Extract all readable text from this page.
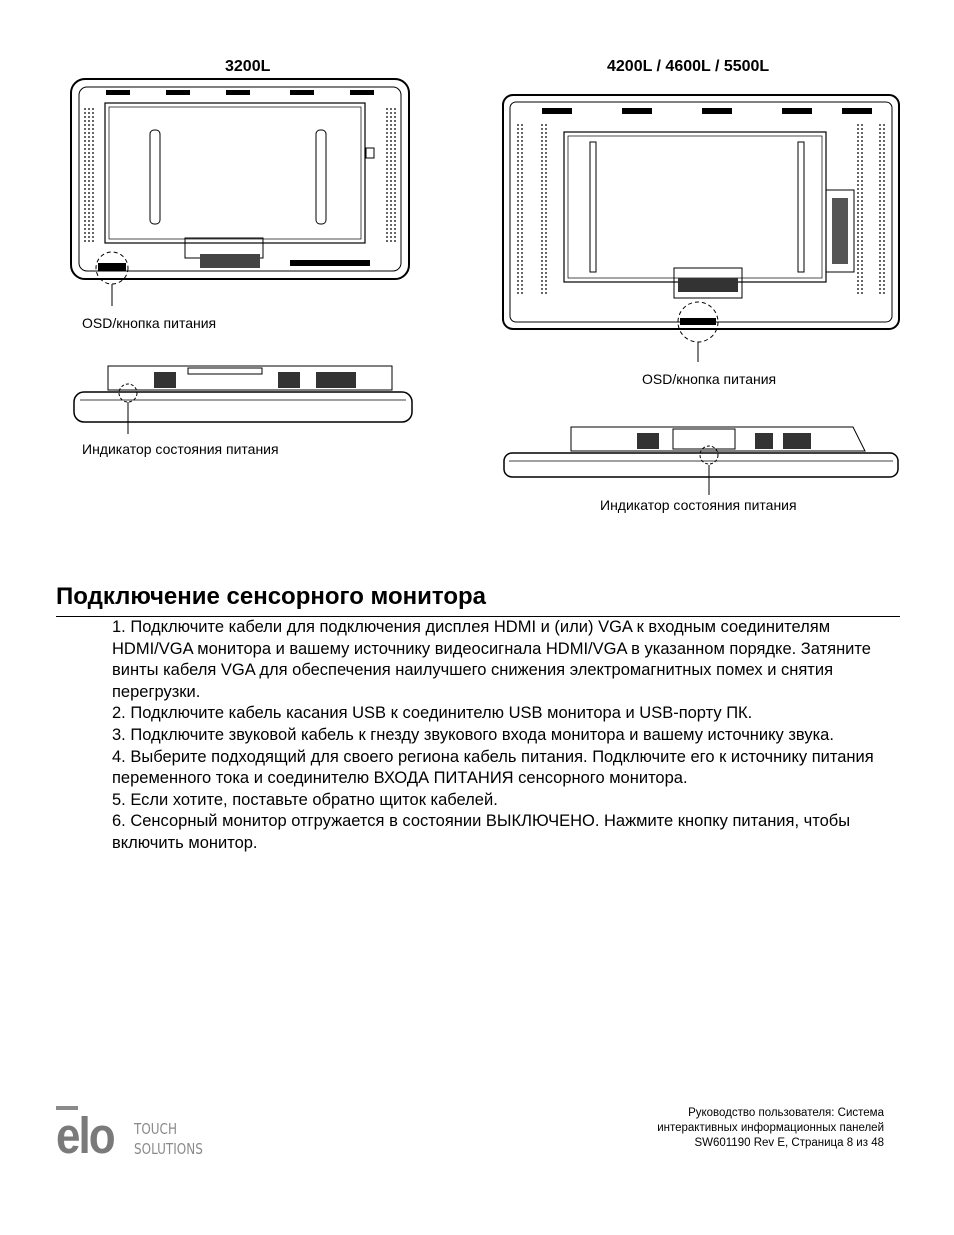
3200L
OSD/кнопка питания
Индикатор состояния питания
4200L / 4600L / 5500L
OSD/кнопка питания
Индикатор состояния питания
Подключение сенсорного монитора

1. Подключите кабели для подключения дисплея HDMI и (или) VGA к входным соединителям HDMI/VGA монитора и вашему источнику видеосигнала HDMI/VGA в указанном порядке. Затяните винты кабеля VGA для обеспечения наилучшего снижения электромагнитных помех и снятия перегрузки.

2. Подключите кабель касания USB к соединителю USB монитора и USB-порту ПК.

3. Подключите звуковой кабель к гнезду звукового входа монитора и вашему источнику звука.

4. Выберите подходящий для своего региона кабель питания. Подключите его к источнику питания переменного тока и соединителю ВХОДА ПИТАНИЯ сенсорного монитора.

5. Если хотите, поставьте обратно щиток кабелей.

6. Сенсорный монитор отгружается в состоянии ВЫКЛЮЧЕНО. Нажмите кнопку питания, чтобы включить монитор.

elo TOUCH
SOLUTIONS
Руководство пользователя: Система
интерактивных информационных панелей
SW601190 Rev E, Страница 8 из 48
